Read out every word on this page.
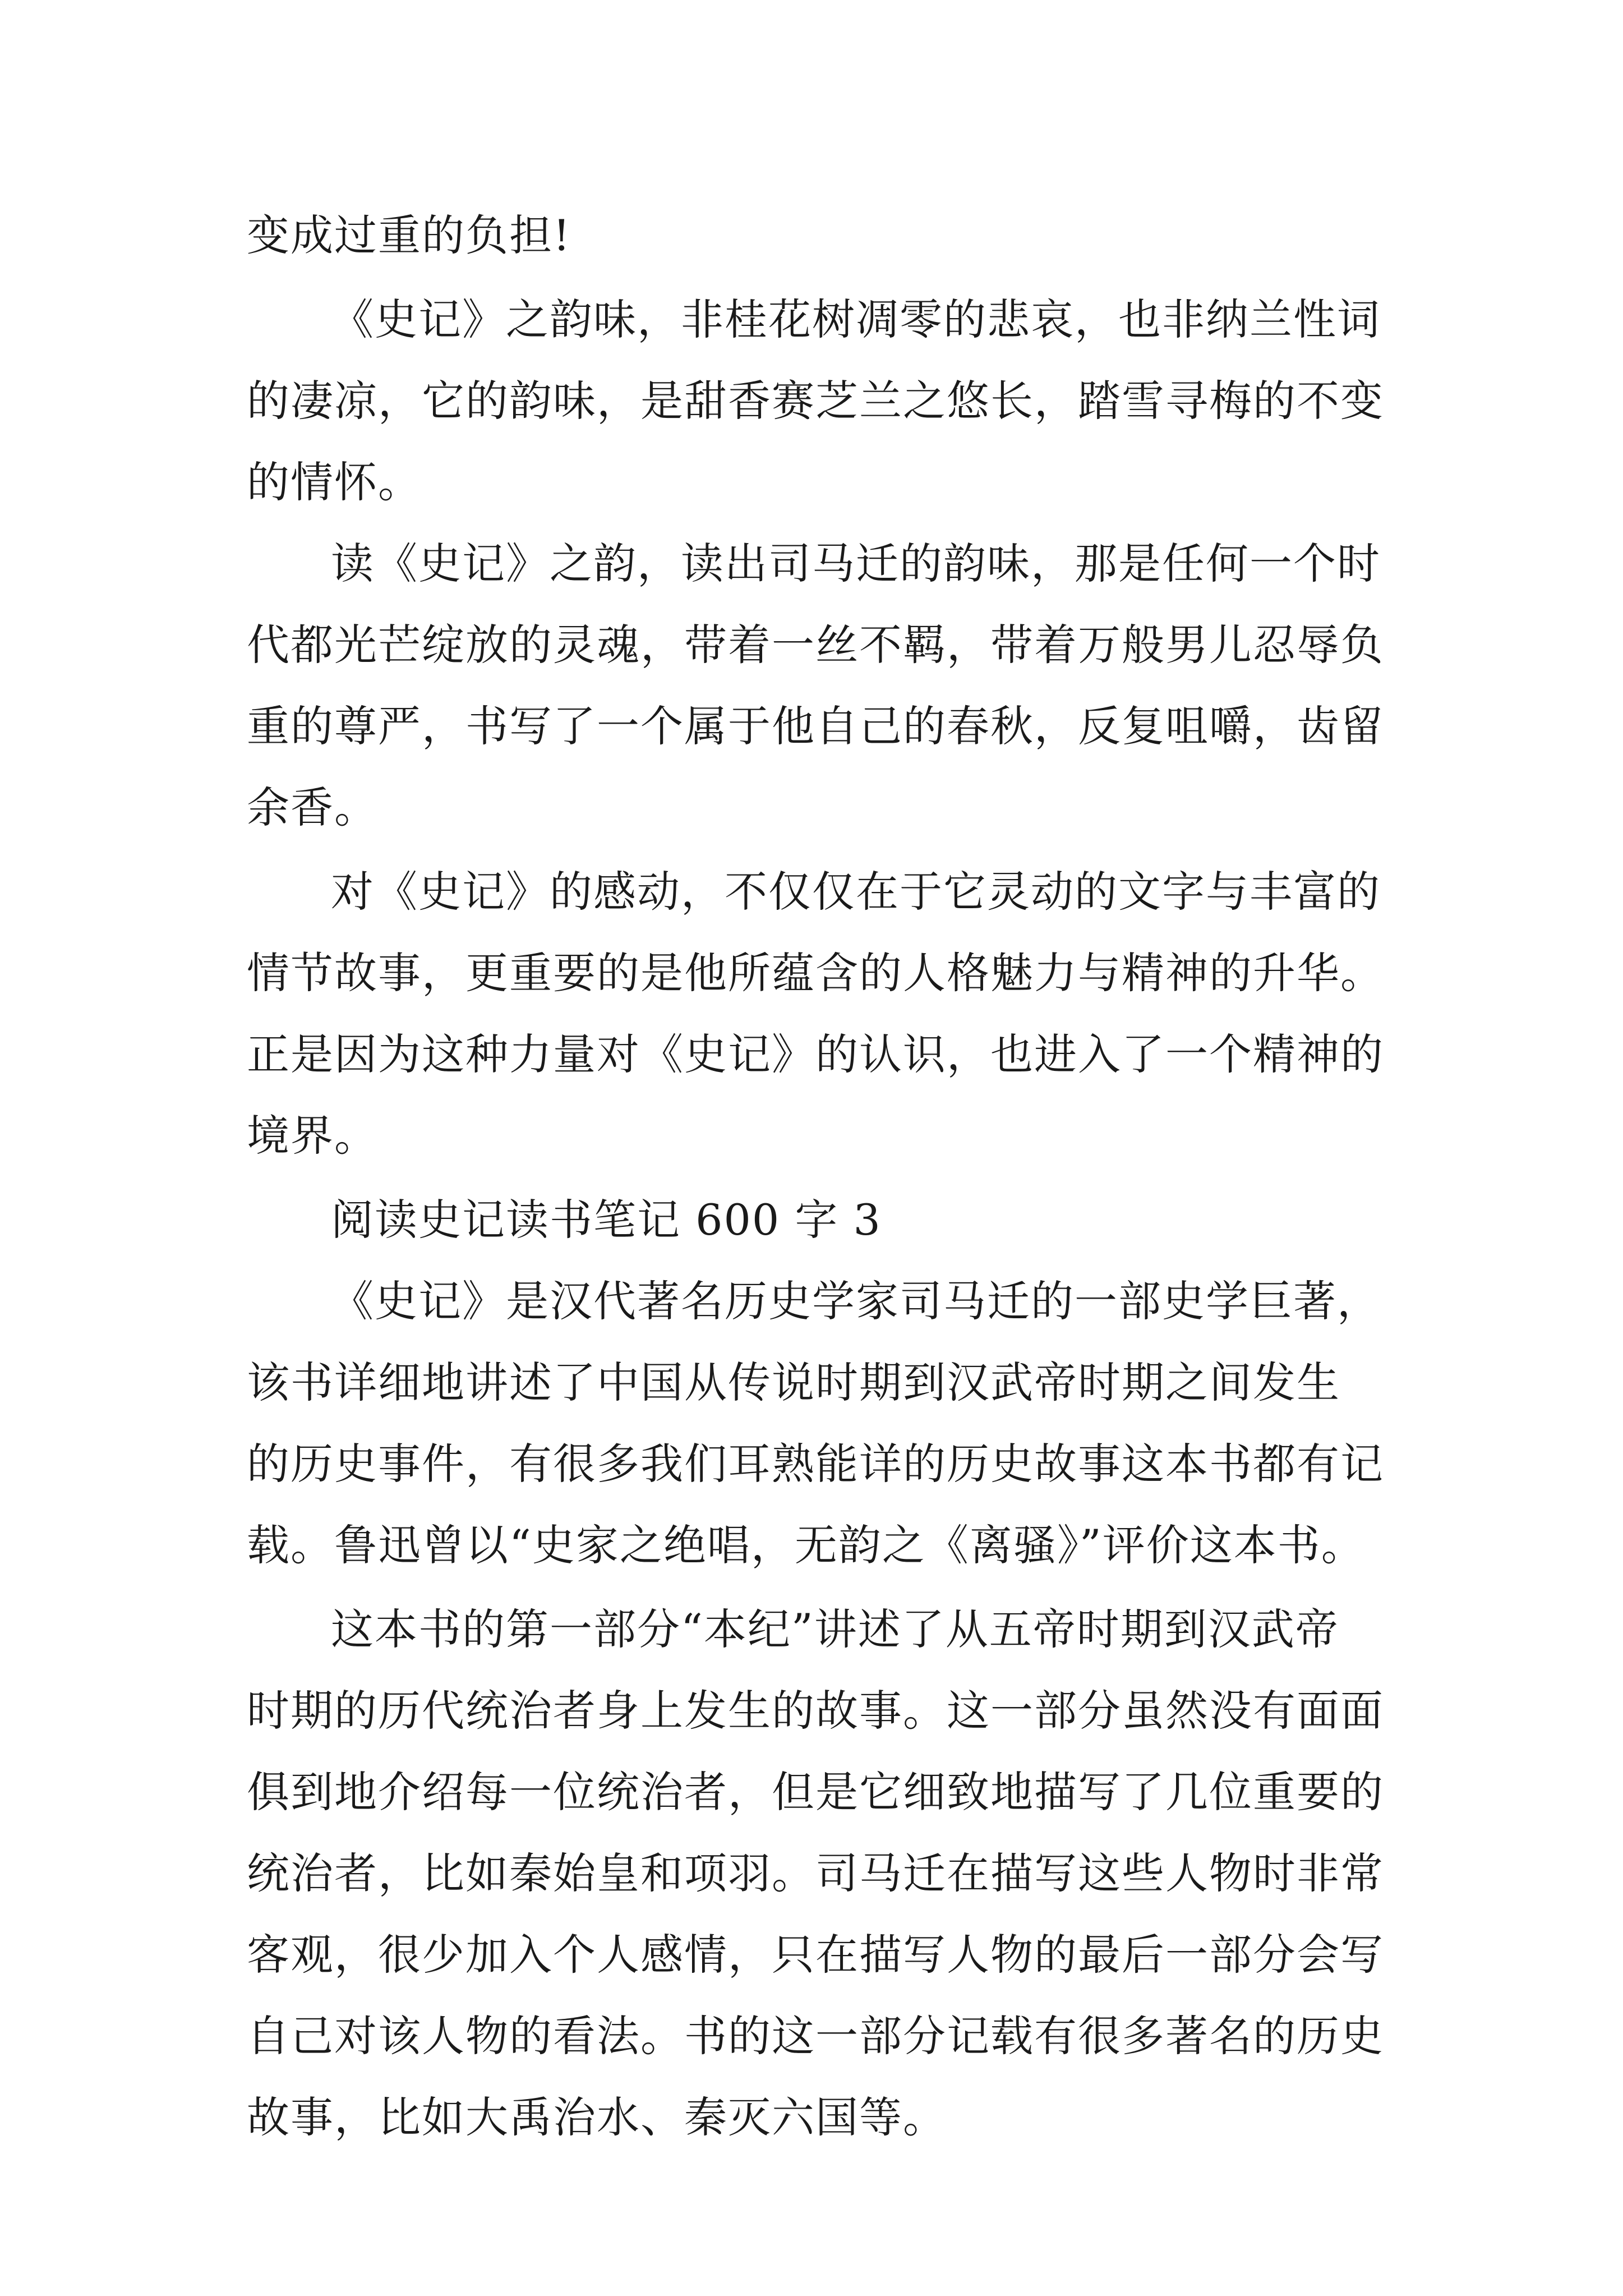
变成过重的负担!
《史记》之韵味，非桂花树凋零的悲哀，也非纳兰性词
的凄凉，它的韵味，是甜香赛芝兰之悠长，踏雪寻梅的不变
的情怀。
读《史记》之韵，读出司马迁的韵味，那是任何一个时
代都光芒绽放的灵魂，带着一丝不羁，带着万般男儿忍辱负
重的尊严，书写了一个属于他自己的春秋，反复咀嚼，齿留
余香。
对《史记》的感动，不仅仅在于它灵动的文字与丰富的
情节故事，更重要的是他所蕴含的人格魅力与精神的升华。
正是因为这种力量对《史记》的认识，也进入了一个精神的
境界。
阅读史记读书笔记 600 字 3
《史记》是汉代著名历史学家司马迁的一部史学巨著，
该书详细地讲述了中国从传说时期到汉武帝时期之间发生
的历史事件，有很多我们耳熟能详的历史故事这本书都有记
载。鲁迅曾以“史家之绝唱，无韵之《离骚》”评价这本书。
这本书的第一部分“本纪”讲述了从五帝时期到汉武帝
时期的历代统治者身上发生的故事。这一部分虽然没有面面
俱到地介绍每一位统治者，但是它细致地描写了几位重要的
统治者，比如秦始皇和项羽。司马迁在描写这些人物时非常
客观，很少加入个人感情，只在描写人物的最后一部分会写
自己对该人物的看法。书的这一部分记载有很多著名的历史
故事，比如大禹治水、秦灭六国等。
